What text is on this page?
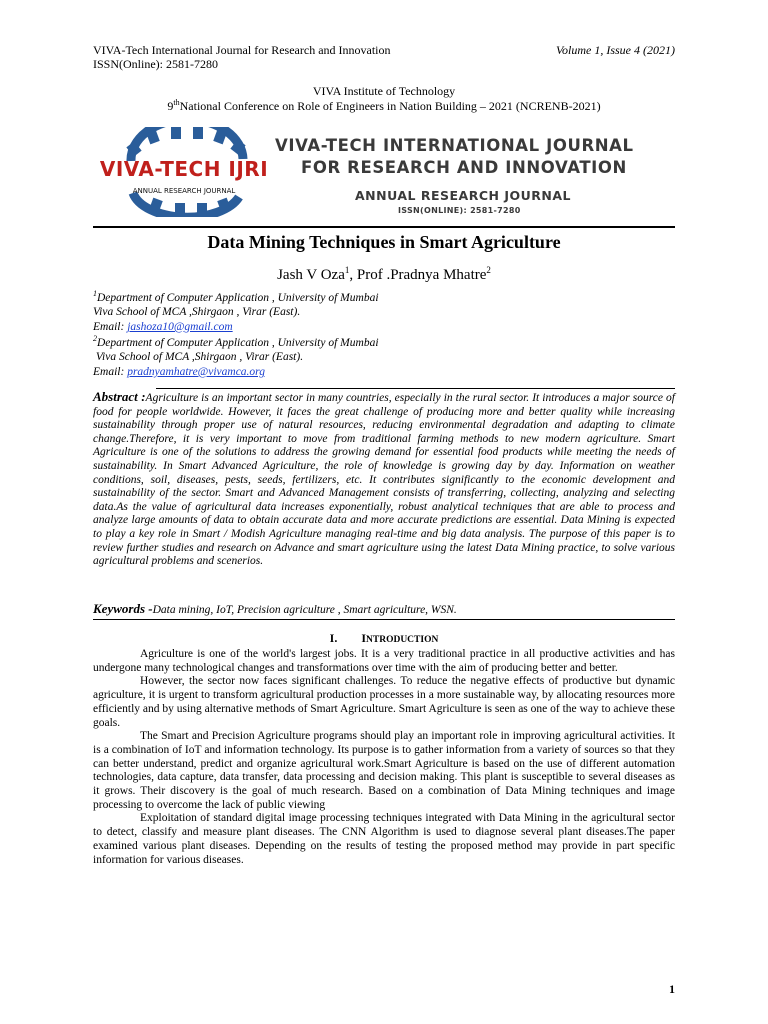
VIVA-Tech International Journal for Research and Innovation
ISSN(Online): 2581-7280
Volume 1, Issue 4 (2021)
VIVA Institute of Technology
9thNational Conference on Role of Engineers in Nation Building – 2021 (NCRENB-2021)
VIVA-TECH IJRI
ANNUAL RESEARCH JOURNAL
VIVA-TECH INTERNATIONAL JOURNAL
FOR RESEARCH AND INNOVATION
ANNUAL RESEARCH JOURNAL
ISSN(ONLINE): 2581-7280
Data Mining Techniques in Smart Agriculture
Jash V Oza$^1$, Prof .Pradnya Mhatre$^2$
$^1$Department of Computer Application , University of Mumbai
Viva School of MCA ,Shirgaon , Virar (East).
Email: jashoza10@gmail.com
$^2$Department of Computer Application , University of Mumbai
Viva School of MCA ,Shirgaon , Virar (East).
Email: pradnyamhatre@vivamca.org
Abstract :Agriculture is an important sector in many countries, especially in the rural sector. It introduces a major source of food for people worldwide. However, it faces the great challenge of producing more and better quality while increasing sustainability through proper use of natural resources, reducing environmental degradation and adapting to climate change.Therefore, it is very important to move from traditional farming methods to new modern agriculture. Smart Agriculture is one of the solutions to address the growing demand for essential food products while meeting the needs of sustainability. In Smart Advanced Agriculture, the role of knowledge is growing day by day. Information on weather conditions, soil, diseases, pests, seeds, fertilizers, etc. It contributes significantly to the economic development and sustainability of the sector. Smart and Advanced Management consists of transferring, collecting, analyzing and selecting data.As the value of agricultural data increases exponentially, robust analytical techniques that are able to process and analyze large amounts of data to obtain accurate data and more accurate predictions are essential. Data Mining is expected to play a key role in Smart / Modish Agriculture managing real-time and big data analysis. The purpose of this paper is to review further studies and research on Advance and smart agriculture using the latest Data Mining practice, to solve various agricultural problems and scenerios.
Keywords -Data mining, IoT, Precision agriculture , Smart agriculture, WSN.
I. INTRODUCTION

Agriculture is one of the world's largest jobs. It is a very traditional practice in all productive activities and has undergone many technological changes and transformations over time with the aim of producing better and better.

However, the sector now faces significant challenges. To reduce the negative effects of productive but dynamic agriculture, it is urgent to transform agricultural production processes in a more sustainable way, by allocating resources more efficiently and by using alternative methods of Smart Agriculture. Smart Agriculture is seen as one of the way to achieve these goals.

The Smart and Precision Agriculture programs should play an important role in improving agricultural activities. It is a combination of IoT and information technology. Its purpose is to gather information from a variety of sources so that they can better understand, predict and organize agricultural work.Smart Agriculture is based on the use of different automation technologies, data capture, data transfer, data processing and decision making. This plant is susceptible to several diseases as it grows. Their discovery is the goal of much research. Based on a combination of Data Mining techniques and image processing to overcome the lack of public viewing

Exploitation of standard digital image processing techniques integrated with Data Mining in the agricultural sector to detect, classify and measure plant diseases. The CNN Algorithm is used to diagnose several plant diseases.The paper examined various plant diseases. Depending on the results of testing the proposed method may provide in part specific information for various diseases.

1
